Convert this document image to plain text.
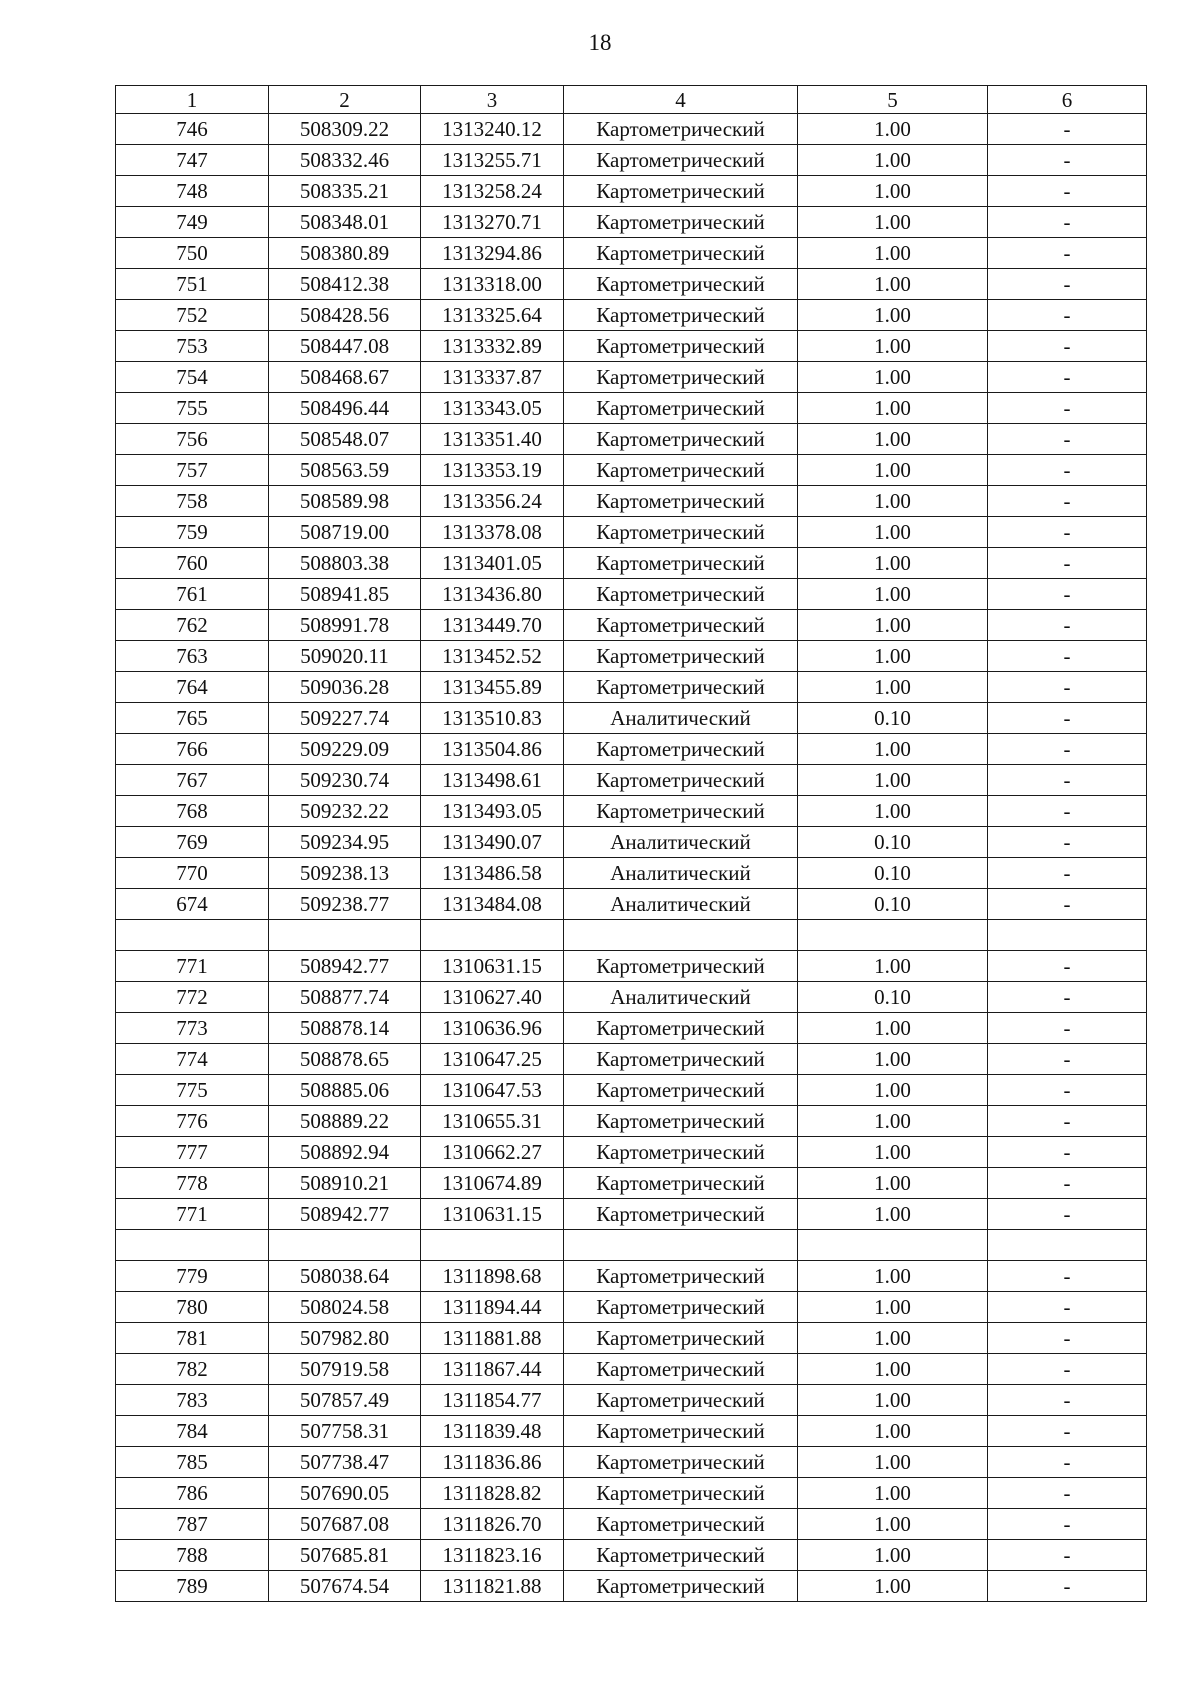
18
1	2	3	4	5	6
746	508309.22	1313240.12	Картометрический	1.00	-
747	508332.46	1313255.71	Картометрический	1.00	-
748	508335.21	1313258.24	Картометрический	1.00	-
749	508348.01	1313270.71	Картометрический	1.00	-
750	508380.89	1313294.86	Картометрический	1.00	-
751	508412.38	1313318.00	Картометрический	1.00	-
752	508428.56	1313325.64	Картометрический	1.00	-
753	508447.08	1313332.89	Картометрический	1.00	-
754	508468.67	1313337.87	Картометрический	1.00	-
755	508496.44	1313343.05	Картометрический	1.00	-
756	508548.07	1313351.40	Картометрический	1.00	-
757	508563.59	1313353.19	Картометрический	1.00	-
758	508589.98	1313356.24	Картометрический	1.00	-
759	508719.00	1313378.08	Картометрический	1.00	-
760	508803.38	1313401.05	Картометрический	1.00	-
761	508941.85	1313436.80	Картометрический	1.00	-
762	508991.78	1313449.70	Картометрический	1.00	-
763	509020.11	1313452.52	Картометрический	1.00	-
764	509036.28	1313455.89	Картометрический	1.00	-
765	509227.74	1313510.83	Аналитический	0.10	-
766	509229.09	1313504.86	Картометрический	1.00	-
767	509230.74	1313498.61	Картометрический	1.00	-
768	509232.22	1313493.05	Картометрический	1.00	-
769	509234.95	1313490.07	Аналитический	0.10	-
770	509238.13	1313486.58	Аналитический	0.10	-
674	509238.77	1313484.08	Аналитический	0.10	-

771	508942.77	1310631.15	Картометрический	1.00	-
772	508877.74	1310627.40	Аналитический	0.10	-
773	508878.14	1310636.96	Картометрический	1.00	-
774	508878.65	1310647.25	Картометрический	1.00	-
775	508885.06	1310647.53	Картометрический	1.00	-
776	508889.22	1310655.31	Картометрический	1.00	-
777	508892.94	1310662.27	Картометрический	1.00	-
778	508910.21	1310674.89	Картометрический	1.00	-
771	508942.77	1310631.15	Картометрический	1.00	-

779	508038.64	1311898.68	Картометрический	1.00	-
780	508024.58	1311894.44	Картометрический	1.00	-
781	507982.80	1311881.88	Картометрический	1.00	-
782	507919.58	1311867.44	Картометрический	1.00	-
783	507857.49	1311854.77	Картометрический	1.00	-
784	507758.31	1311839.48	Картометрический	1.00	-
785	507738.47	1311836.86	Картометрический	1.00	-
786	507690.05	1311828.82	Картометрический	1.00	-
787	507687.08	1311826.70	Картометрический	1.00	-
788	507685.81	1311823.16	Картометрический	1.00	-
789	507674.54	1311821.88	Картометрический	1.00	-
